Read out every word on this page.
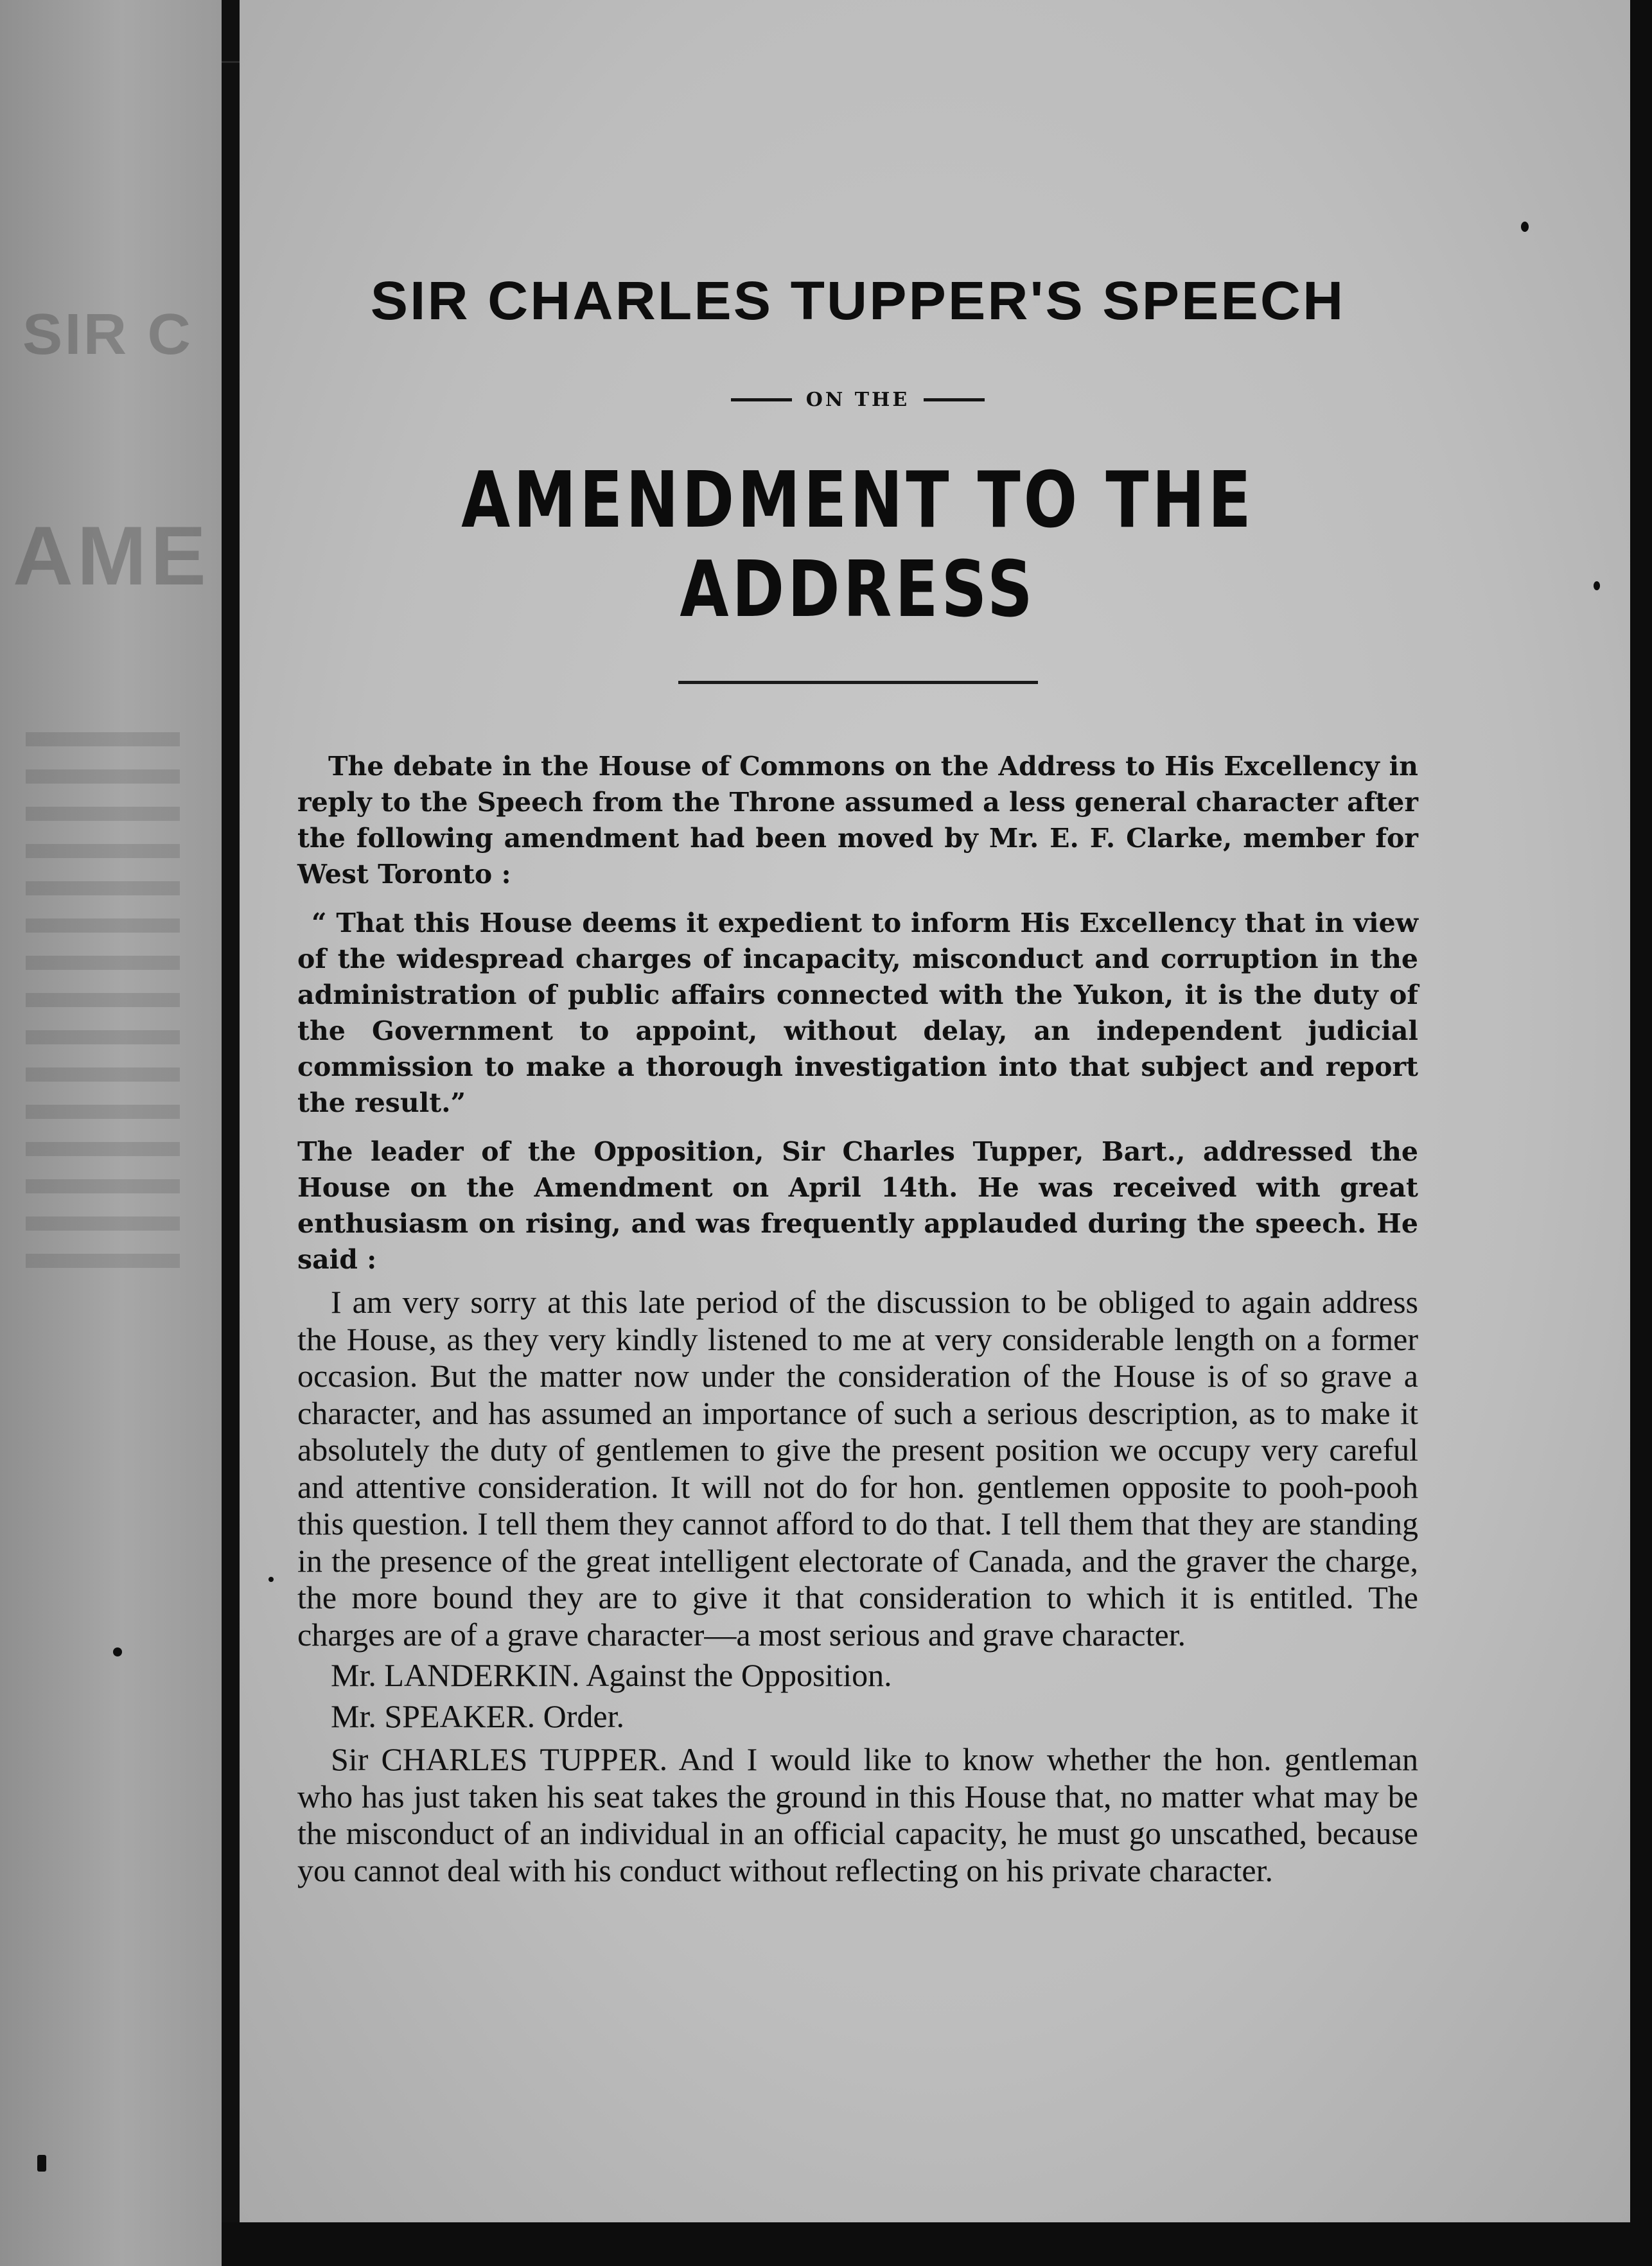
SIR C
AME
SIR CHARLES TUPPER'S SPEECH
ON THE
AMENDMENT TO THE ADDRESS

The debate in the House of Commons on the Address to His Excellency in reply to the Speech from the Throne assumed a less general character after the following amendment had been moved by Mr. E. F. Clarke, member for West Toronto :

“ That this House deems it expedient to inform His Excellency that in view of the widespread charges of incapacity, misconduct and corruption in the administration of public affairs connected with the Yukon, it is the duty of the Government to appoint, without delay, an independent judicial commission to make a thorough investigation into that subject and report the result.”

The leader of the Opposition, Sir Charles Tupper, Bart., addressed the House on the Amendment on April 14th. He was received with great enthusiasm on rising, and was frequently applauded during the speech. He said :

I am very sorry at this late period of the discussion to be obliged to again address the House, as they very kindly listened to me at very considerable length on a former occasion. But the matter now under the consideration of the House is of so grave a character, and has assumed an importance of such a serious description, as to make it absolutely the duty of gentlemen to give the present position we occupy very careful and attentive consideration. It will not do for hon. gentlemen opposite to pooh-pooh this question. I tell them they cannot afford to do that. I tell them that they are standing in the presence of the great intelligent electorate of Canada, and the graver the charge, the more bound they are to give it that consideration to which it is entitled. The charges are of a grave character—a most serious and grave character.

Mr. LANDERKIN. Against the Opposition.

Mr. SPEAKER. Order.

Sir CHARLES TUPPER. And I would like to know whether the hon. gentleman who has just taken his seat takes the ground in this House that, no matter what may be the misconduct of an individual in an official capacity, he must go unscathed, because you cannot deal with his conduct without reflecting on his private character.
